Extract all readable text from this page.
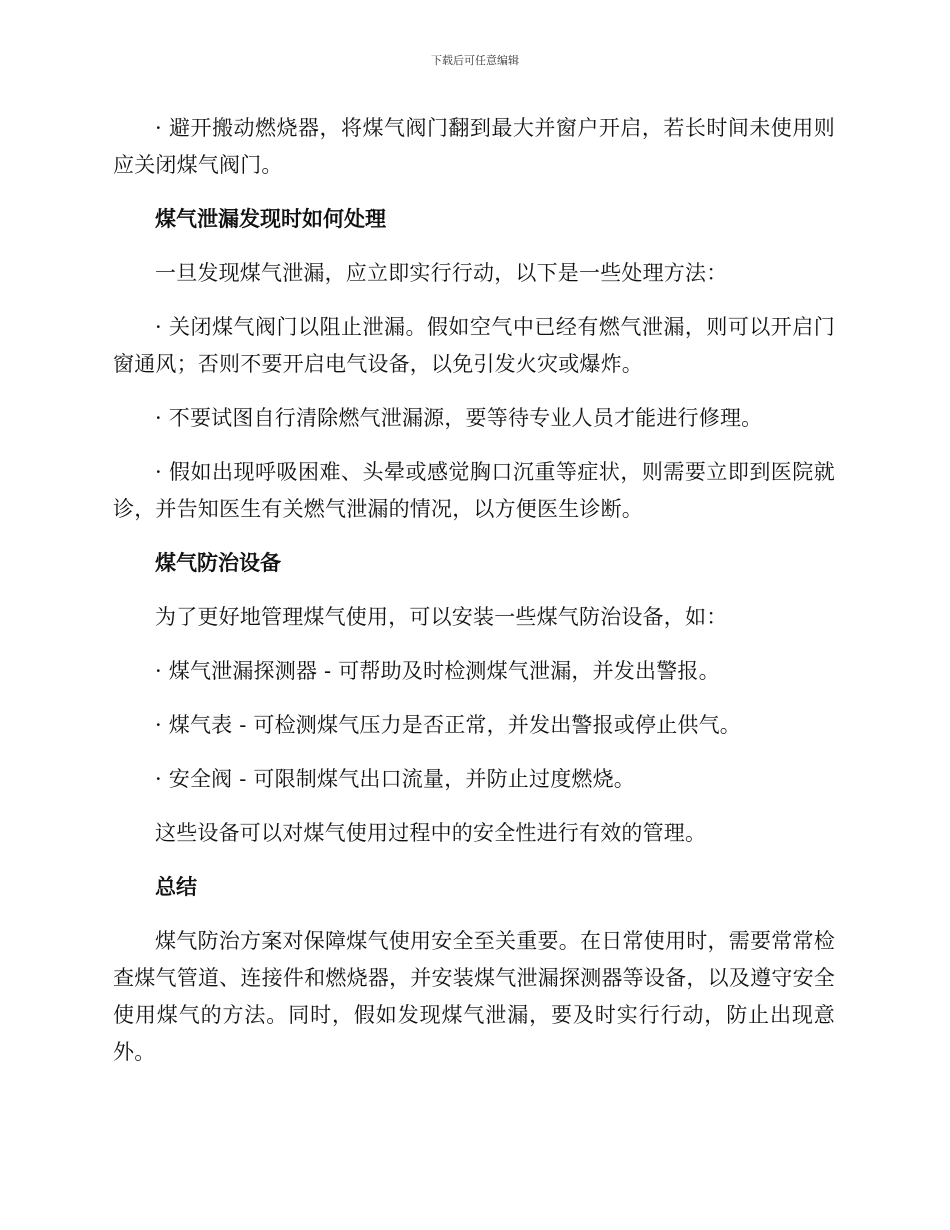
下载后可任意编辑

· 避开搬动燃烧器，将煤气阀门翻到最大并窗户开启，若长时间未使用则应关闭煤气阀门。

煤气泄漏发现时如何处理

一旦发现煤气泄漏，应立即实行行动，以下是一些处理方法：

· 关闭煤气阀门以阻止泄漏。假如空气中已经有燃气泄漏，则可以开启门窗通风；否则不要开启电气设备，以免引发火灾或爆炸。

· 不要试图自行清除燃气泄漏源，要等待专业人员才能进行修理。

· 假如出现呼吸困难、头晕或感觉胸口沉重等症状，则需要立即到医院就诊，并告知医生有关燃气泄漏的情况，以方便医生诊断。

煤气防治设备

为了更好地管理煤气使用，可以安装一些煤气防治设备，如：

· 煤气泄漏探测器 - 可帮助及时检测煤气泄漏，并发出警报。

· 煤气表 - 可检测煤气压力是否正常，并发出警报或停止供气。

· 安全阀 - 可限制煤气出口流量，并防止过度燃烧。

这些设备可以对煤气使用过程中的安全性进行有效的管理。

总结

煤气防治方案对保障煤气使用安全至关重要。在日常使用时，需要常常检查煤气管道、连接件和燃烧器，并安装煤气泄漏探测器等设备，以及遵守安全使用煤气的方法。同时，假如发现煤气泄漏，要及时实行行动，防止出现意外。
